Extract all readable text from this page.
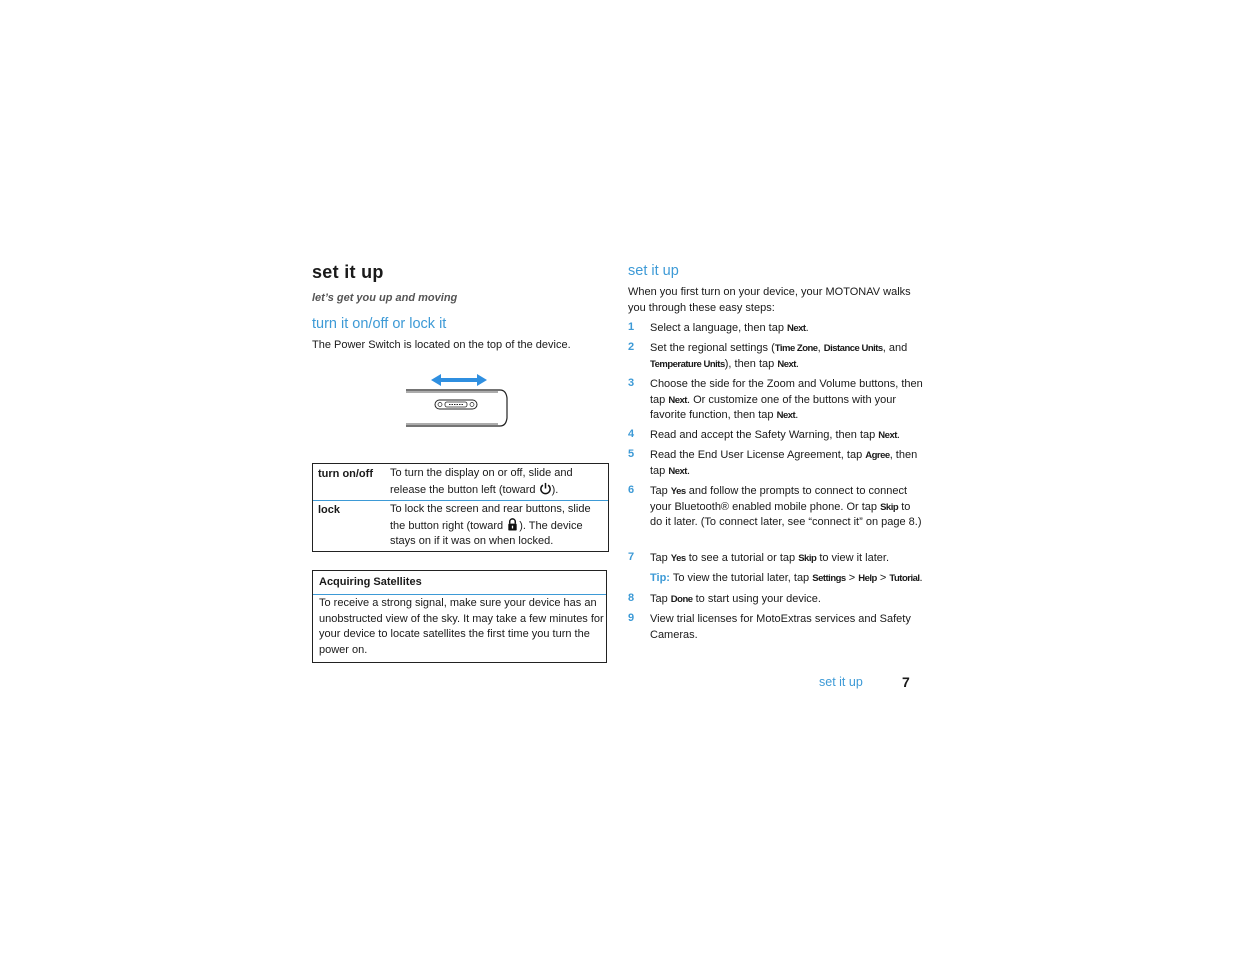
set it up
let’s get you up and moving
turn it on/off or lock it
The Power Switch is located on the top of the device.
turn on/off To turn the display on or off, slide and release the button left (toward ).
lock	To lock the screen and rear buttons, slide the button right (toward ). The device stays on if it was on when locked.
Acquiring Satellites
To receive a strong signal, make sure your device has an unobstructed view of the sky. It may take a few minutes for your device to locate satellites the first time you turn the power on.
set it up
When you first turn on your device, your MOTONAV walks you through these easy steps:
1 Select a language, then tap Next.
2 Set the regional settings (Time Zone, Distance Units, and Temperature Units), then tap Next.
3 Choose the side for the Zoom and Volume buttons, then tap Next. Or customize one of the buttons with your favorite function, then tap Next.
4 Read and accept the Safety Warning, then tap Next.
5 Read the End User License Agreement, tap Agree, then tap Next.
6 Tap Yes and follow the prompts to connect to connect your Bluetooth® enabled mobile phone. Or tap Skip to do it later. (To connect later, see “connect it” on page 8.)
7 Tap Yes to see a tutorial or tap Skip to view it later.
8 Tap Done to start using your device.
9 View trial licenses for MotoExtras services and Safety Cameras.
Tip: To view the tutorial later, tap Settings > Help > Tutorial.
set it up	7
